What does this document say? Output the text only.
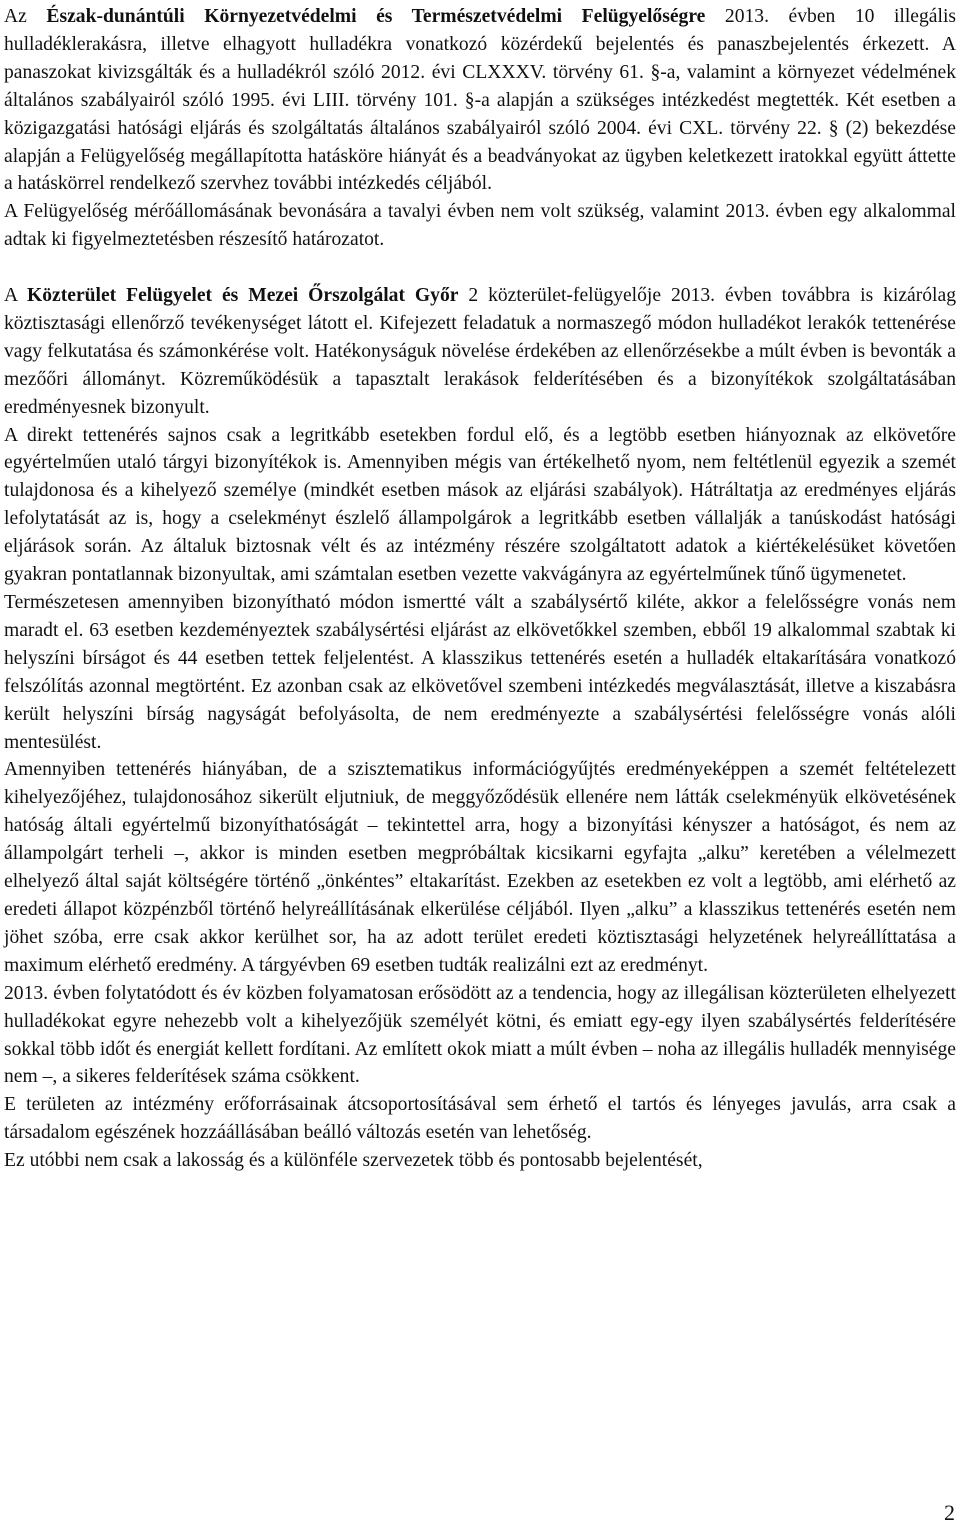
Az Észak-dunántúli Környezetvédelmi és Természetvédelmi Felügyelőségre 2013. évben 10 illegális hulladéklerakásra, illetve elhagyott hulladékra vonatkozó közérdekű bejelentés és panaszbejelentés érkezett. A panaszokat kivizsgálták és a hulladékról szóló 2012. évi CLXXXV. törvény 61. §-a, valamint a környezet védelmének általános szabályairól szóló 1995. évi LIII. törvény 101. §-a alapján a szükséges intézkedést megtették. Két esetben a közigazgatási hatósági eljárás és szolgáltatás általános szabályairól szóló 2004. évi CXL. törvény 22. § (2) bekezdése alapján a Felügyelőség megállapította hatásköre hiányát és a beadványokat az ügyben keletkezett iratokkal együtt áttette a hatáskörrel rendelkező szervhez további intézkedés céljából.

A Felügyelőség mérőállomásának bevonására a tavalyi évben nem volt szükség, valamint 2013. évben egy alkalommal adtak ki figyelmeztetésben részesítő határozatot.

A Közterület Felügyelet és Mezei Őrszolgálat Győr 2 közterület-felügyelője 2013. évben továbbra is kizárólag köztisztasági ellenőrző tevékenységet látott el. Kifejezett feladatuk a normaszegő módon hulladékot lerakók tettenérése vagy felkutatása és számonkérése volt. Hatékonyságuk növelése érdekében az ellenőrzésekbe a múlt évben is bevonták a mezőőri állományt. Közreműködésük a tapasztalt lerakások felderítésében és a bizonyítékok szolgáltatásában eredményesnek bizonyult.

A direkt tettenérés sajnos csak a legritkább esetekben fordul elő, és a legtöbb esetben hiányoznak az elkövetőre egyértelműen utaló tárgyi bizonyítékok is. Amennyiben mégis van értékelhető nyom, nem feltétlenül egyezik a szemét tulajdonosa és a kihelyező személye (mindkét esetben mások az eljárási szabályok). Hátráltatja az eredményes eljárás lefolytatását az is, hogy a cselekményt észlelő állampolgárok a legritkább esetben vállalják a tanúskodást hatósági eljárások során. Az általuk biztosnak vélt és az intézmény részére szolgáltatott adatok a kiértékelésüket követően gyakran pontatlannak bizonyultak, ami számtalan esetben vezette vakvágányra az egyértelműnek tűnő ügymenetet.

Természetesen amennyiben bizonyítható módon ismertté vált a szabálysértő kiléte, akkor a felelősségre vonás nem maradt el. 63 esetben kezdeményeztek szabálysértési eljárást az elkövetőkkel szemben, ebből 19 alkalommal szabtak ki helyszíni bírságot és 44 esetben tettek feljelentést. A klasszikus tettenérés esetén a hulladék eltakarítására vonatkozó felszólítás azonnal megtörtént. Ez azonban csak az elkövetővel szembeni intézkedés megválasztását, illetve a kiszabásra került helyszíni bírság nagyságát befolyásolta, de nem eredményezte a szabálysértési felelősségre vonás alóli mentesülést.

Amennyiben tettenérés hiányában, de a szisztematikus információgyűjtés eredményeképpen a szemét feltételezett kihelyezőjéhez, tulajdonosához sikerült eljutniuk, de meggyőződésük ellenére nem látták cselekményük elkövetésének hatóság általi egyértelmű bizonyíthatóságát – tekintettel arra, hogy a bizonyítási kényszer a hatóságot, és nem az állampolgárt terheli –, akkor is minden esetben megpróbáltak kicsikarni egyfajta „alku” keretében a vélelmezett elhelyező által saját költségére történő „önkéntes” eltakarítást. Ezekben az esetekben ez volt a legtöbb, ami elérhető az eredeti állapot közpénzből történő helyreállításának elkerülése céljából. Ilyen „alku” a klasszikus tettenérés esetén nem jöhet szóba, erre csak akkor kerülhet sor, ha az adott terület eredeti köztisztasági helyzetének helyreállíttatása a maximum elérhető eredmény. A tárgyévben 69 esetben tudták realizálni ezt az eredményt.

2013. évben folytatódott és év közben folyamatosan erősödött az a tendencia, hogy az illegálisan közterületen elhelyezett hulladékokat egyre nehezebb volt a kihelyezőjük személyét kötni, és emiatt egy-egy ilyen szabálysértés felderítésére sokkal több időt és energiát kellett fordítani. Az említett okok miatt a múlt évben – noha az illegális hulladék mennyisége nem –, a sikeres felderítések száma csökkent.

E területen az intézmény erőforrásainak átcsoportosításával sem érhető el tartós és lényeges javulás, arra csak a társadalom egészének hozzáállásában beálló változás esetén van lehetőség.

Ez utóbbi nem csak a lakosság és a különféle szervezetek több és pontosabb bejelentését,

2
